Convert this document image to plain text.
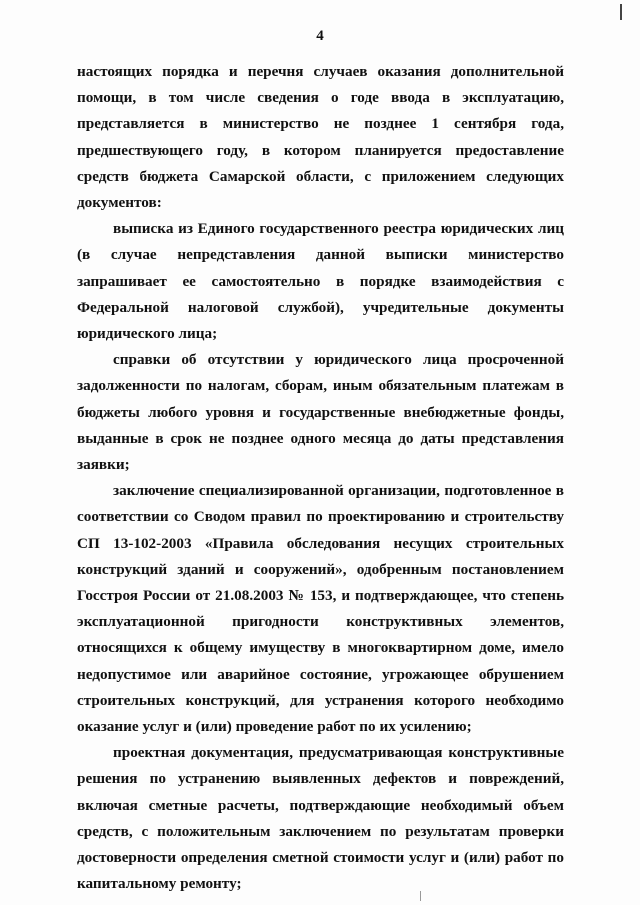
4

настоящих порядка и перечня случаев оказания дополнительной помощи, в том числе сведения о годе ввода в эксплуатацию, представляется в министерство не позднее 1 сентября года, предшествующего году, в котором планируется предоставление средств бюджета Самарской области, с приложением следующих документов:

выписка из Единого государственного реестра юридических лиц (в случае непредставления данной выписки министерство запрашивает ее самостоятельно в порядке взаимодействия с Федеральной налоговой службой), учредительные документы юридического лица;

справки об отсутствии у юридического лица просроченной задолженности по налогам, сборам, иным обязательным платежам в бюджеты любого уровня и государственные внебюджетные фонды, выданные в срок не позднее одного месяца до даты представления заявки;

заключение специализированной организации, подготовленное в соответствии со Сводом правил по проектированию и строительству СП 13-102-2003 «Правила обследования несущих строительных конструкций зданий и сооружений», одобренным постановлением Госстроя России от 21.08.2003 № 153, и подтверждающее, что степень эксплуатационной пригодности конструктивных элементов, относящихся к общему имуществу в многоквартирном доме, имело недопустимое или аварийное состояние, угрожающее обрушением строительных конструкций, для устранения которого необходимо оказание услуг и (или) проведение работ по их усилению;

проектная документация, предусматривающая конструктивные решения по устранению выявленных дефектов и повреждений, включая сметные расчеты, подтверждающие необходимый объем средств, с положительным заключением по результатам проверки достоверности определения сметной стоимости услуг и (или) работ по капитальному ремонту;
